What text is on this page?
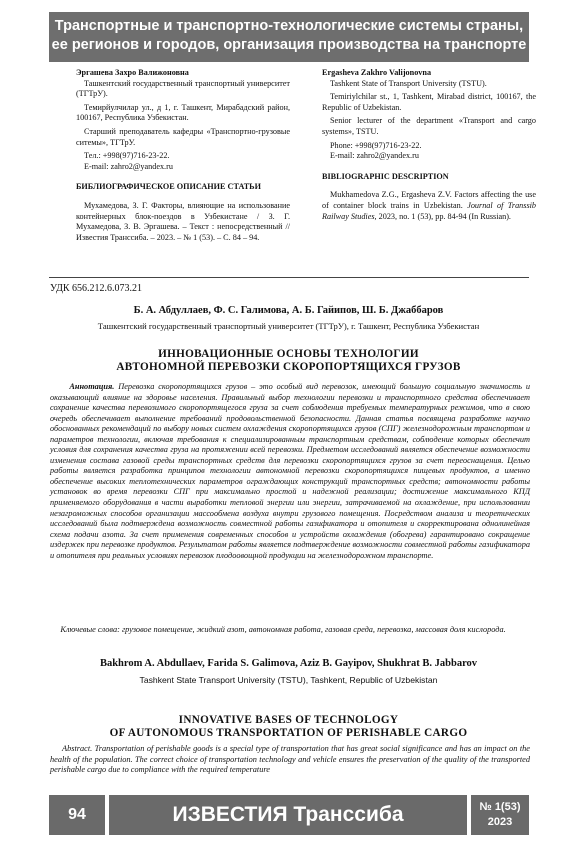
Транспортные и транспортно-технологические системы страны,
ее регионов и городов, организация производства на транспорте

Эргашева Захро Валижоновна

Ташкентский государственный транспортный университет (ТГТрУ).

Темирйулчилар ул., д 1, г. Ташкент, Мирабадский район, 100167, Республика Узбекистан.

Старший преподаватель кафедры «Транспортно-грузовые ситемы», ТГТрУ.

Тел.: +998(97)716-23-22.

E-mail: zahro2@yandex.ru

БИБЛИОГРАФИЧЕСКОЕ ОПИСАНИЕ СТАТЬИ

Мухамедова, З. Г. Факторы, влияющие на использование контейнерных блок-поездов в Узбекистане / З. Г. Мухамедова, З. В. Эргашева. – Текст : непосредственный // Известия Транссиба. – 2023. – № 1 (53). – С. 84 – 94.

Ergasheva Zakhro Valijonovna

Tashkent State of Transport University (TSTU).

Temiriylchilar st., 1, Tashkent, Mirabad district, 100167, the Republic of Uzbekistan.

Senior lecturer of the department «Transport and cargo systems», TSTU.

Phone: +998(97)716-23-22.

E-mail: zahro2@yandex.ru

BIBLIOGRAPHIC DESCRIPTION

Mukhamedova Z.G., Ergasheva Z.V. Factors affecting the use of container block trains in Uzbekistan. Journal of Transsib Railway Studies, 2023, no. 1 (53), pp. 84-94 (In Russian).

УДК 656.212.6.073.21
Б. А. Абдуллаев, Ф. С. Галимова, А. Б. Гайипов, Ш. Б. Джаббаров
Ташкентский государственный транспортный университет (ТГТрУ), г. Ташкент, Республика Узбекистан
ИННОВАЦИОННЫЕ ОСНОВЫ ТЕХНОЛОГИИ
АВТОНОМНОЙ ПЕРЕВОЗКИ СКОРОПОРТЯЩИХСЯ ГРУЗОВ
Аннотация. Перевозка скоропортящихся грузов – это особый вид перевозок, имеющий большую социальную значимость и оказывающий влияние на здоровье населения. Правильный выбор технологии перевозки и транспортного средства обеспечивает сохранение качества перевозимого скоропортящегося груза за счет соблюдения требуемых температурных режимов, что в свою очередь обеспечивает выполнение требований продовольственной безопасности. Данная статья посвящена разработке научно обоснованных рекомендаций по выбору новых систем охлаждения скоропортящихся грузов (СПГ) железнодорожным транспортом и параметров технологии, включая требования к специализированным транспортным средствам, соблюдение которых обеспечит условия для сохранения качества груза на протяжении всей перевозки. Предметом исследований является обеспечение возможности изменения состава газовой среды транспортных средств для перевозки скоропортящихся грузов за счет переоснащения. Целью работы является разработка принципов технологии автономной перевозки скоропортящихся пищевых продуктов, а именно обеспечение высоких теплотехнических параметров ограждающих конструкций транспортных средств; автономности работы установок во время перевозки СПГ при максимально простой и надежной реализации; достижение максимального КПД применяемого оборудования в части выработки тепловой энергии или энергии, затрачиваемой на охлаждение, при использовании незагроможных способов организации массообмена воздуха внутри грузового помещения. Посредством анализа и теоретических исследований была подтверждена возможность совместной работы газификатора и отопителя и скорректирована однолинейная схема подачи азота. За счет применения современных способов и устройств охлаждения (обогрева) гарантировано сокращение издержек при перевозке продуктов. Результатом работы является подтверждение возможности совместной работы газификатора и отопителя при реальных условиях перевозок плодоовощной продукции на железнодорожном транспорте.
Ключевые слова: грузовое помещение, жидкий азот, автономная работа, газовая среда, перевозка, массовая доля кислорода.
Bakhrom A. Abdullaev, Farida S. Galimova, Aziz B. Gayipov, Shukhrat B. Jabbarov
Tashkent State Transport University (TSTU), Tashkent, Republic of Uzbekistan
INNOVATIVE BASES OF TECHNOLOGY
OF AUTONOMOUS TRANSPORTATION OF PERISHABLE CARGO
Abstract. Transportation of perishable goods is a special type of transportation that has great social significance and has an impact on the health of the population. The correct choice of transportation technology and vehicle ensures the preservation of the quality of the transported perishable cargo due to compliance with the required temperature
94	ИЗВЕСТИЯ Транссиба	№ 1(53)
2023
